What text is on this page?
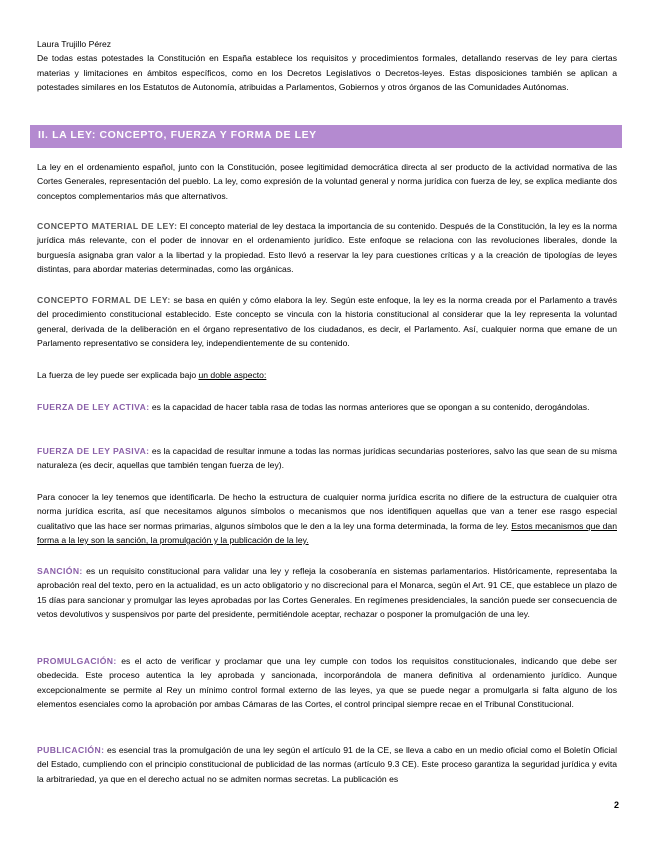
Laura Trujillo Pérez

De todas estas potestades la Constitución en España establece los requisitos y procedimientos formales, detallando reservas de ley para ciertas materias y limitaciones en ámbitos específicos, como en los Decretos Legislativos o Decretos-leyes. Estas disposiciones también se aplican a potestades similares en los Estatutos de Autonomía, atribuidas a Parlamentos, Gobiernos y otros órganos de las Comunidades Autónomas.

II. LA LEY: CONCEPTO, FUERZA Y FORMA DE LEY

La ley en el ordenamiento español, junto con la Constitución, posee legitimidad democrática directa al ser producto de la actividad normativa de las Cortes Generales, representación del pueblo. La ley, como expresión de la voluntad general y norma jurídica con fuerza de ley, se explica mediante dos conceptos complementarios más que alternativos.

CONCEPTO MATERIAL DE LEY: El concepto material de ley destaca la importancia de su contenido. Después de la Constitución, la ley es la norma jurídica más relevante, con el poder de innovar en el ordenamiento jurídico. Este enfoque se relaciona con las revoluciones liberales, donde la burguesía asignaba gran valor a la libertad y la propiedad. Esto llevó a reservar la ley para cuestiones críticas y a la creación de tipologías de leyes distintas, para abordar materias determinadas, como las orgánicas.

CONCEPTO FORMAL DE LEY: se basa en quién y cómo elabora la ley. Según este enfoque, la ley es la norma creada por el Parlamento a través del procedimiento constitucional establecido. Este concepto se vincula con la historia constitucional al considerar que la ley representa la voluntad general, derivada de la deliberación en el órgano representativo de los ciudadanos, es decir, el Parlamento. Así, cualquier norma que emane de un Parlamento representativo se considera ley, independientemente de su contenido.

La fuerza de ley puede ser explicada bajo un doble aspecto:

FUERZA DE LEY ACTIVA: es la capacidad de hacer tabla rasa de todas las normas anteriores que se opongan a su contenido, derogándolas.

FUERZA DE LEY PASIVA: es la capacidad de resultar inmune a todas las normas jurídicas secundarias posteriores, salvo las que sean de su misma naturaleza (es decir, aquellas que también tengan fuerza de ley).

Para conocer la ley tenemos que identificarla. De hecho la estructura de cualquier norma jurídica escrita no difiere de la estructura de cualquier otra norma jurídica escrita, así que necesitamos algunos símbolos o mecanismos que nos identifiquen aquellas que van a tener ese rasgo especial cualitativo que las hace ser normas primarias, algunos símbolos que le den a la ley una forma determinada, la forma de ley. Estos mecanismos que dan forma a la ley son la sanción, la promulgación y la publicación de la ley.

SANCIÓN: es un requisito constitucional para validar una ley y refleja la cosoberanía en sistemas parlamentarios. Históricamente, representaba la aprobación real del texto, pero en la actualidad, es un acto obligatorio y no discrecional para el Monarca, según el Art. 91 CE, que establece un plazo de 15 días para sancionar y promulgar las leyes aprobadas por las Cortes Generales. En regímenes presidenciales, la sanción puede ser consecuencia de vetos devolutivos y suspensivos por parte del presidente, permitiéndole aceptar, rechazar o posponer la promulgación de una ley.

PROMULGACIÓN: es el acto de verificar y proclamar que una ley cumple con todos los requisitos constitucionales, indicando que debe ser obedecida. Este proceso autentica la ley aprobada y sancionada, incorporándola de manera definitiva al ordenamiento jurídico. Aunque excepcionalmente se permite al Rey un mínimo control formal externo de las leyes, ya que se puede negar a promulgarla si falta alguno de los elementos esenciales como la aprobación por ambas Cámaras de las Cortes, el control principal siempre recae en el Tribunal Constitucional.

PUBLICACIÓN: es esencial tras la promulgación de una ley según el artículo 91 de la CE, se lleva a cabo en un medio oficial como el Boletín Oficial del Estado, cumpliendo con el principio constitucional de publicidad de las normas (artículo 9.3 CE). Este proceso garantiza la seguridad jurídica y evita la arbitrariedad, ya que en el derecho actual no se admiten normas secretas. La publicación es

2
